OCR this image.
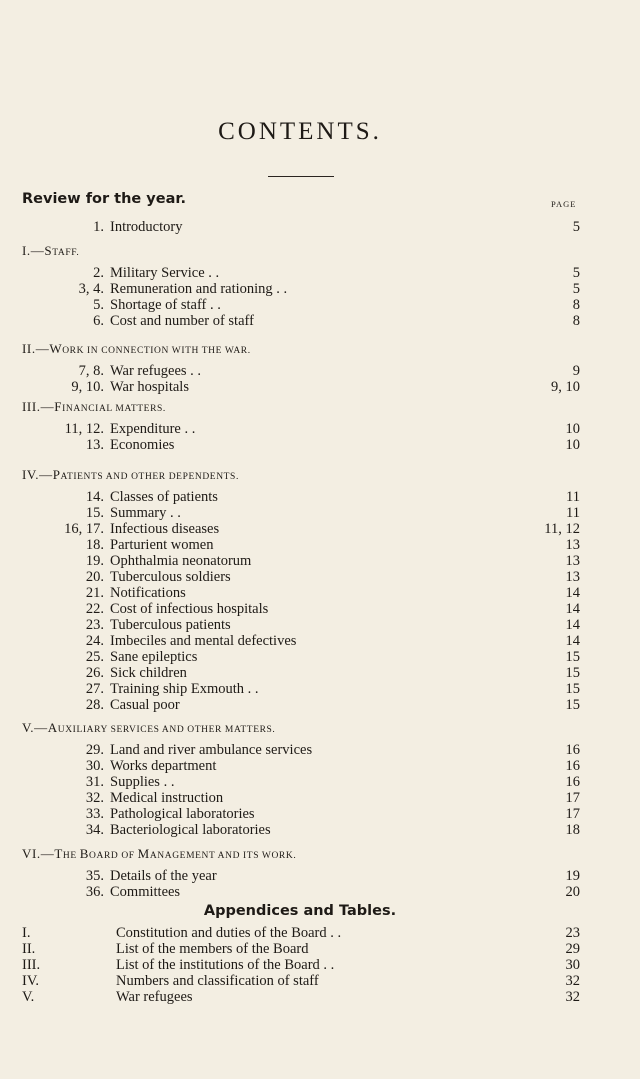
CONTENTS.
Review for the year.	PAGE
1. Introductory	5
I.—STAFF.
2. Military Service . .	5
3, 4. Remuneration and rationing . .	5
5. Shortage of staff . .	8
6. Cost and number of staff	8
II.—WORK IN CONNECTION WITH THE WAR.
7, 8. War refugees . .	9
9, 10. War hospitals	9, 10
III.—FINANCIAL MATTERS.
11, 12. Expenditure . .	10
13. Economies	10
IV.—PATIENTS AND OTHER DEPENDENTS.
14. Classes of patients	11
15. Summary . .	11
16, 17. Infectious diseases	11, 12
18. Parturient women	13
19. Ophthalmia neonatorum	13
20. Tuberculous soldiers	13
21. Notifications	14
22. Cost of infectious hospitals	14
23. Tuberculous patients	14
24. Imbeciles and mental defectives	14
25. Sane epileptics	15
26. Sick children	15
27. Training ship Exmouth . .	15
28. Casual poor	15
V.—AUXILIARY SERVICES AND OTHER MATTERS.
29. Land and river ambulance services	16
30. Works department	16
31. Supplies . .	16
32. Medical instruction	17
33. Pathological laboratories	17
34. Bacteriological laboratories	18
VI.—THE BOARD OF MANAGEMENT AND ITS WORK.
35. Details of the year	19
36. Committees	20
Appendices and Tables.
I.	Constitution and duties of the Board . .	23
II.	List of the members of the Board	29
III.	List of the institutions of the Board . .	30
IV.	Numbers and classification of staff	32
V.	War refugees	32
